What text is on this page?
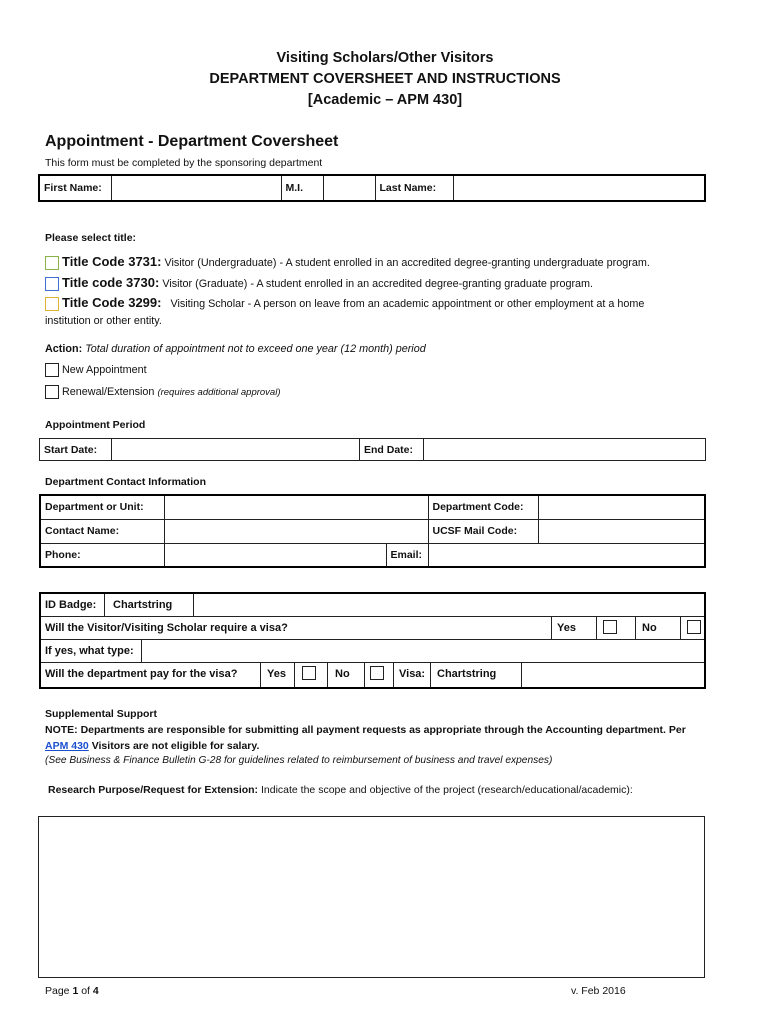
Visiting Scholars/Other Visitors
DEPARTMENT COVERSHEET AND INSTRUCTIONS
[Academic – APM 430]
Appointment - Department Coversheet
This form must be completed by the sponsoring department
First Name:		M.I.		Last Name:	
Please select title:
Title Code 3731: Visitor (Undergraduate) - A student enrolled in an accredited degree-granting undergraduate program.
Title code 3730: Visitor (Graduate) - A student enrolled in an accredited degree-granting graduate program.
Title Code 3299: Visiting Scholar - A person on leave from an academic appointment or other employment at a home
institution or other entity.
Action: Total duration of appointment not to exceed one year (12 month) period
New Appointment
Renewal/Extension (requires additional approval)
Appointment Period
Start Date:		End Date:	
Department Contact Information
Department or Unit:			Department Code:	
Contact Name:			UCSF Mail Code:	
Phone:		Email:		
ID Badge: Chartstring
Will the Visitor/Visiting Scholar require a visa?	Yes	No
If yes, what type:
Will the department pay for the visa?	Yes	No	Visa: Chartstring
Supplemental Support
NOTE: Departments are responsible for submitting all payment requests as appropriate through the Accounting department. Per
APM 430 Visitors are not eligible for salary.
(See Business & Finance Bulletin G-28 for guidelines related to reimbursement of business and travel expenses)
Research Purpose/Request for Extension: Indicate the scope and objective of the project (research/educational/academic):
Page 1 of 4	v. Feb 2016
